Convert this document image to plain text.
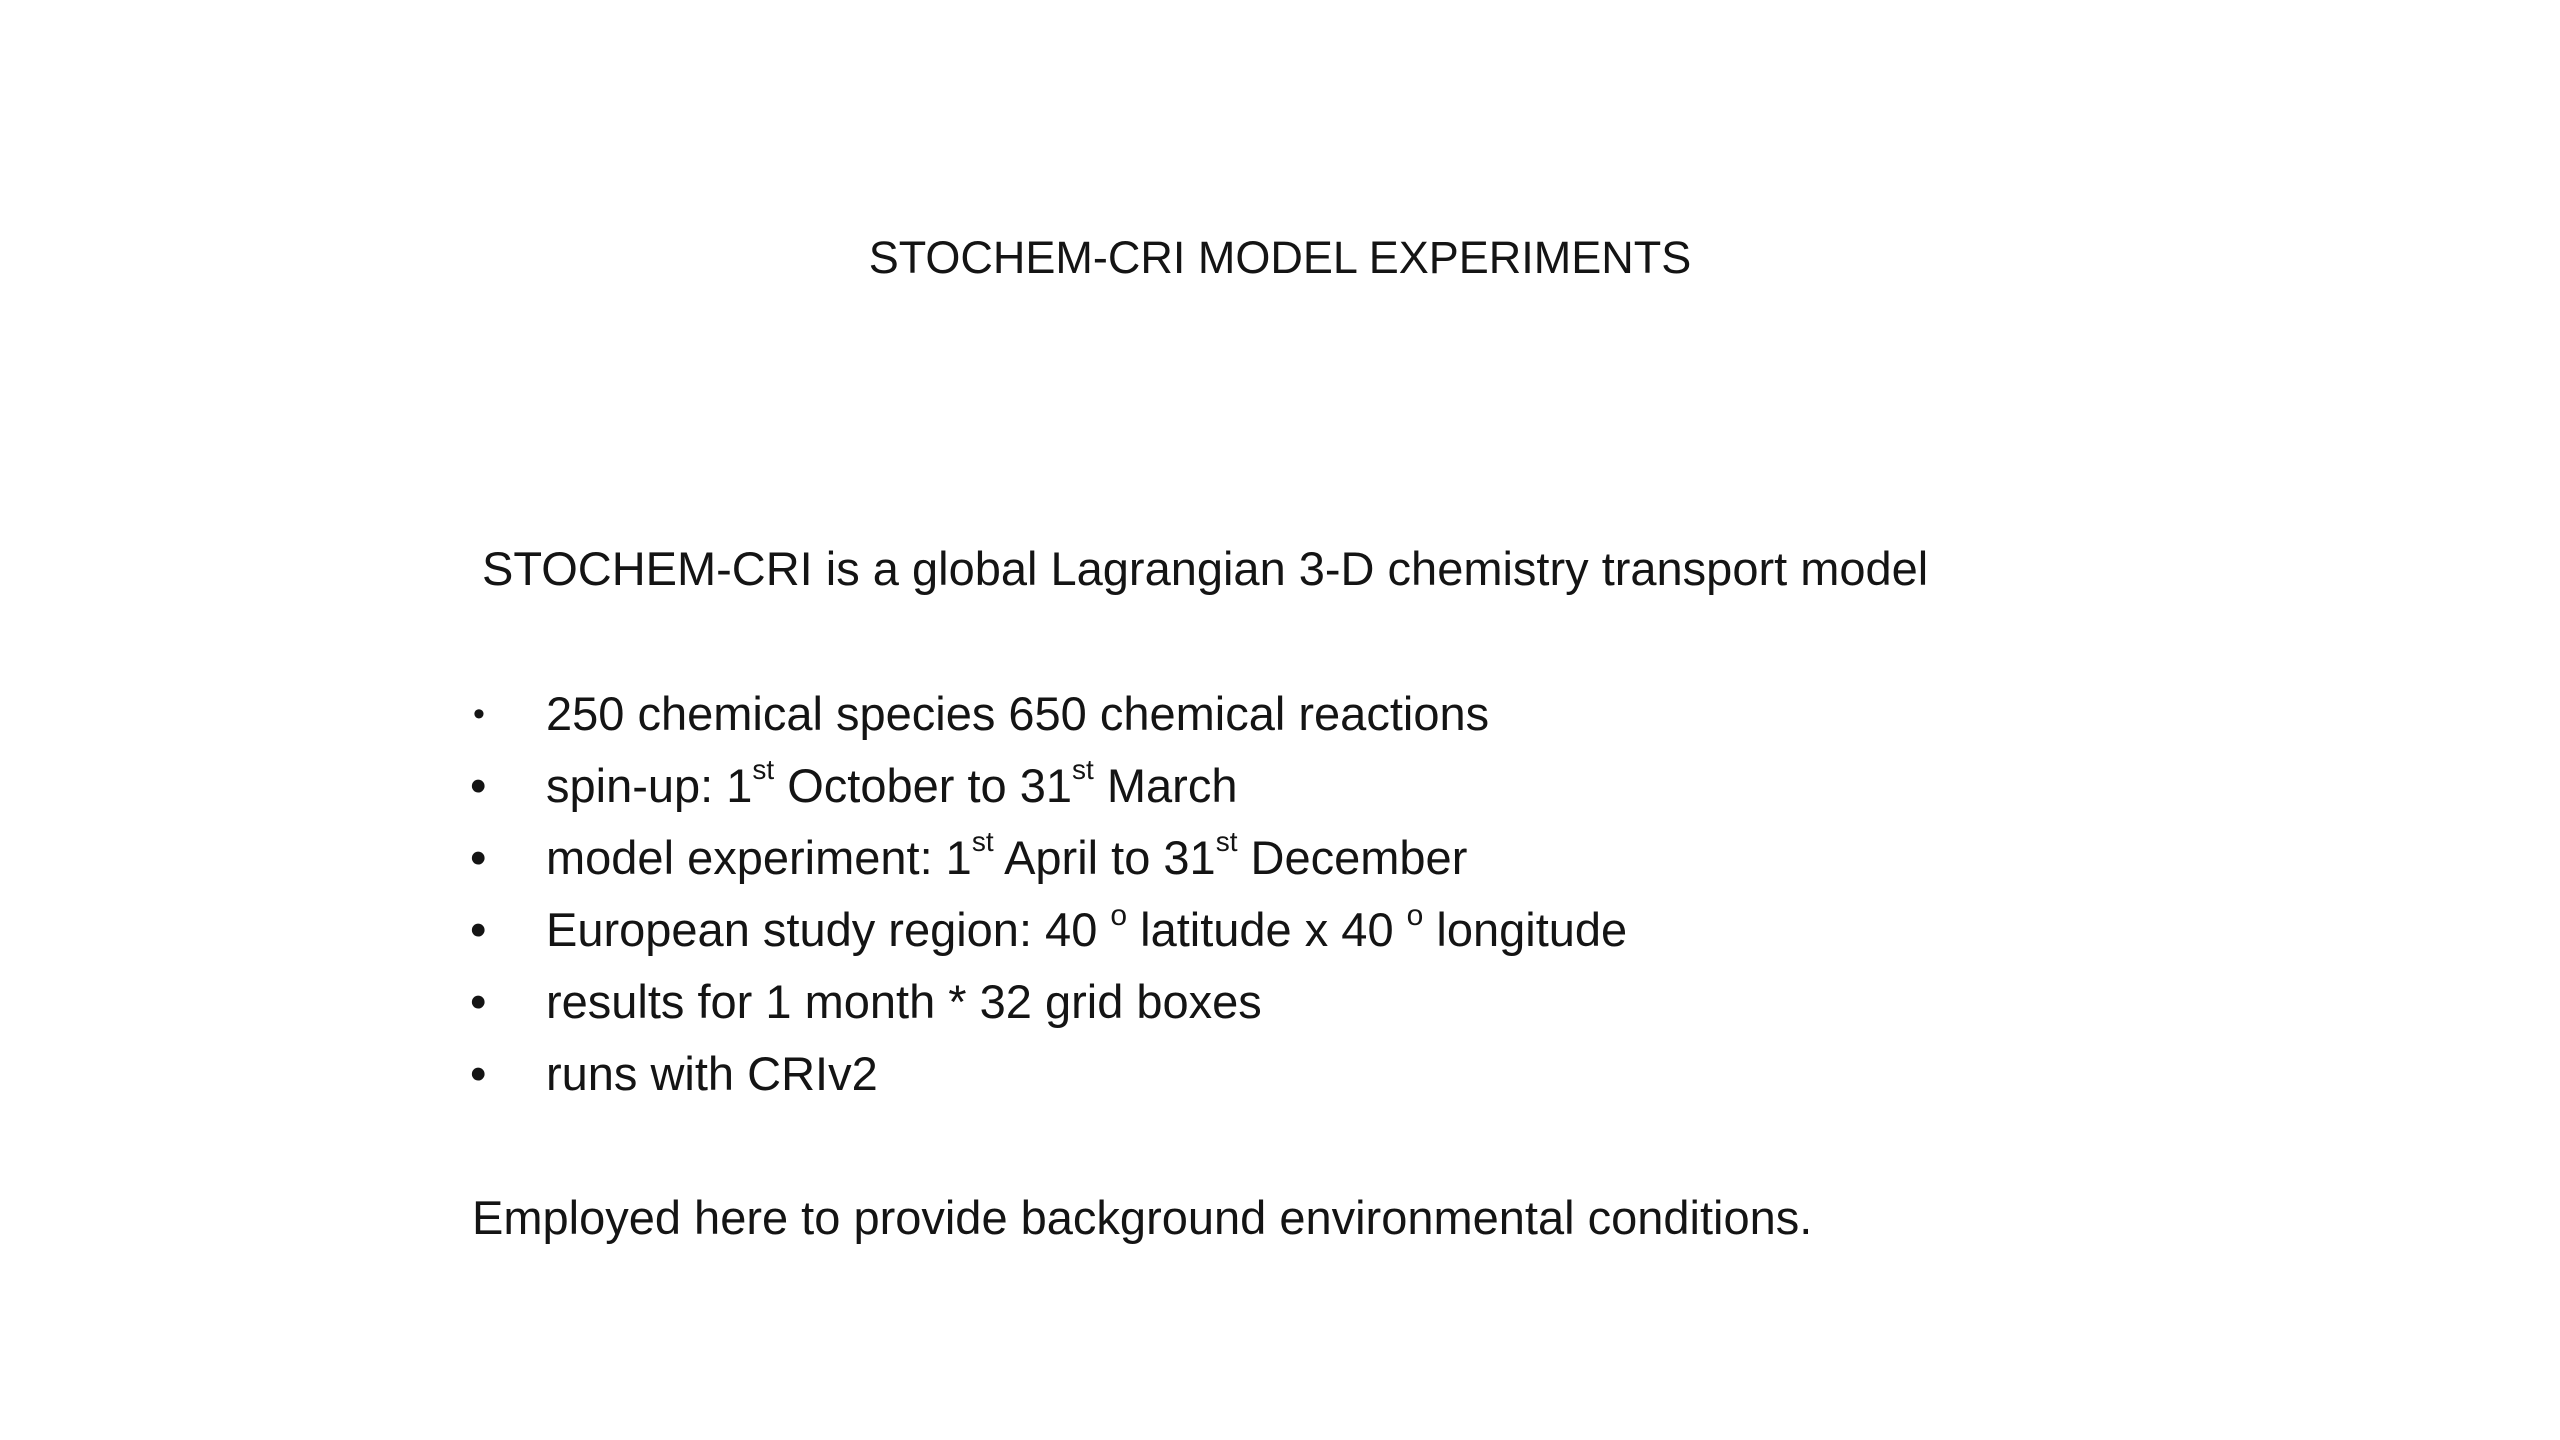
STOCHEM-CRI MODEL EXPERIMENTS
STOCHEM-CRI is a global Lagrangian 3-D chemistry transport model
•	250 chemical species 650 chemical reactions
•	spin-up: 1st October to 31st March
•	model experiment: 1st April to 31st December
•	European study region: 40 $^o$ latitude x 40 $^o$ longitude
•	results for 1 month * 32 grid boxes
•	runs with CRIv2
Employed here to provide background environmental conditions.
